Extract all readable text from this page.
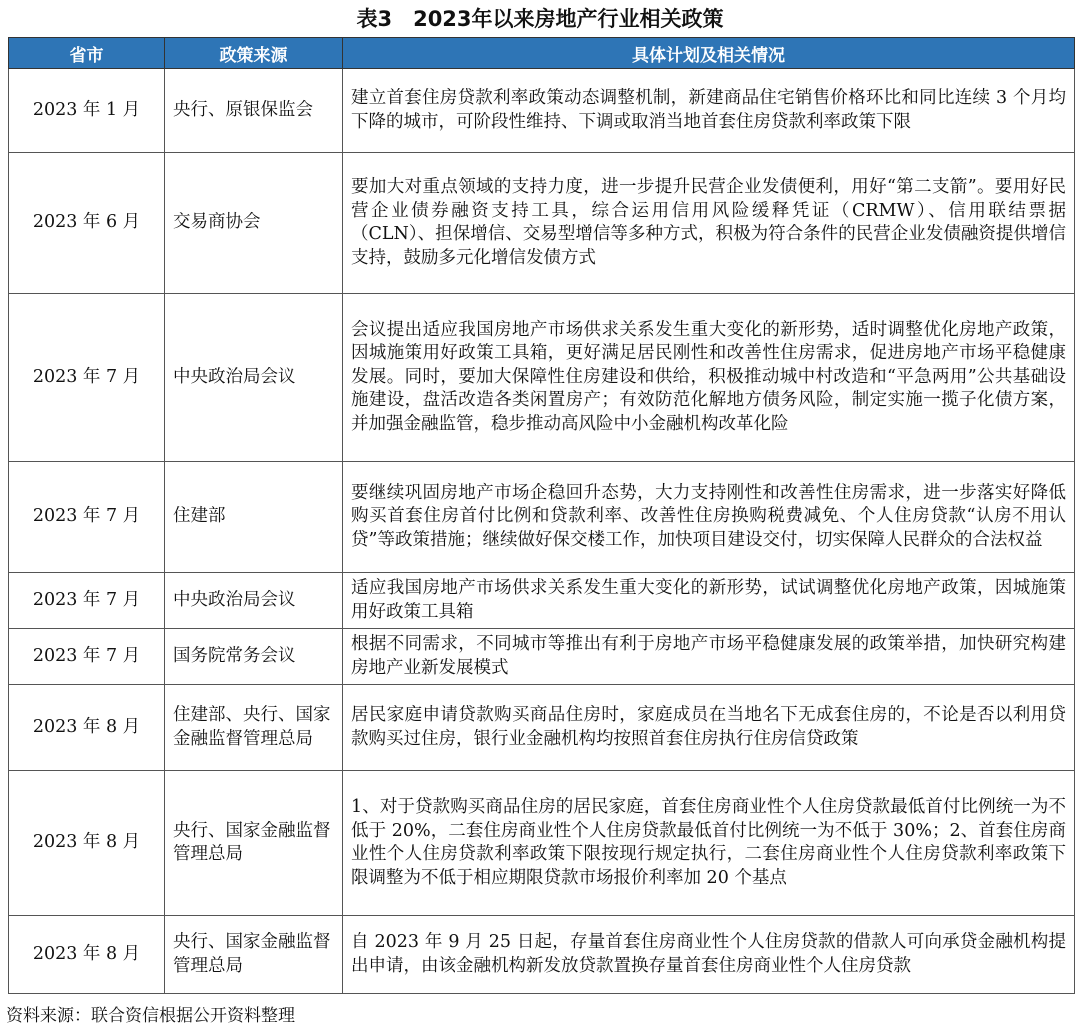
表3　2023年以来房地产行业相关政策
省市	政策来源	具体计划及相关情况
2023 年 1 月	央行、原银保监会	建立首套住房贷款利率政策动态调整机制，新建商品住宅销售价格环比和同比连续 3 个月均下降的城市，可阶段性维持、下调或取消当地首套住房贷款利率政策下限
2023 年 6 月	交易商协会	要加大对重点领域的支持力度，进一步提升民营企业发债便利，用好“第二支箭”。要用好民营企业债券融资支持工具，综合运用信用风险缓释凭证（CRMW）、信用联结票据（CLN）、担保增信、交易型增信等多种方式，积极为符合条件的民营企业发债融资提供增信支持，鼓励多元化增信发债方式
2023 年 7 月	中央政治局会议	会议提出适应我国房地产市场供求关系发生重大变化的新形势，适时调整优化房地产政策，因城施策用好政策工具箱，更好满足居民刚性和改善性住房需求，促进房地产市场平稳健康发展。同时，要加大保障性住房建设和供给，积极推动城中村改造和“平急两用”公共基础设施建设，盘活改造各类闲置房产；有效防范化解地方债务风险，制定实施一揽子化债方案，并加强金融监管，稳步推动高风险中小金融机构改革化险
2023 年 7 月	住建部	要继续巩固房地产市场企稳回升态势，大力支持刚性和改善性住房需求，进一步落实好降低购买首套住房首付比例和贷款利率、改善性住房换购税费减免、个人住房贷款“认房不用认贷”等政策措施；继续做好保交楼工作，加快项目建设交付，切实保障人民群众的合法权益
2023 年 7 月	中央政治局会议	适应我国房地产市场供求关系发生重大变化的新形势，试试调整优化房地产政策，因城施策用好政策工具箱
2023 年 7 月	国务院常务会议	根据不同需求，不同城市等推出有利于房地产市场平稳健康发展的政策举措，加快研究构建房地产业新发展模式
2023 年 8 月	住建部、央行、国家金融监督管理总局	居民家庭申请贷款购买商品住房时，家庭成员在当地名下无成套住房的，不论是否以利用贷款购买过住房，银行业金融机构均按照首套住房执行住房信贷政策
2023 年 8 月	央行、国家金融监督管理总局	1、对于贷款购买商品住房的居民家庭，首套住房商业性个人住房贷款最低首付比例统一为不低于 20%，二套住房商业性个人住房贷款最低首付比例统一为不低于 30%；2、首套住房商业性个人住房贷款利率政策下限按现行规定执行，二套住房商业性个人住房贷款利率政策下限调整为不低于相应期限贷款市场报价利率加 20 个基点
2023 年 8 月	央行、国家金融监督管理总局	自 2023 年 9 月 25 日起，存量首套住房商业性个人住房贷款的借款人可向承贷金融机构提出申请，由该金融机构新发放贷款置换存量首套住房商业性个人住房贷款
资料来源：联合资信根据公开资料整理
